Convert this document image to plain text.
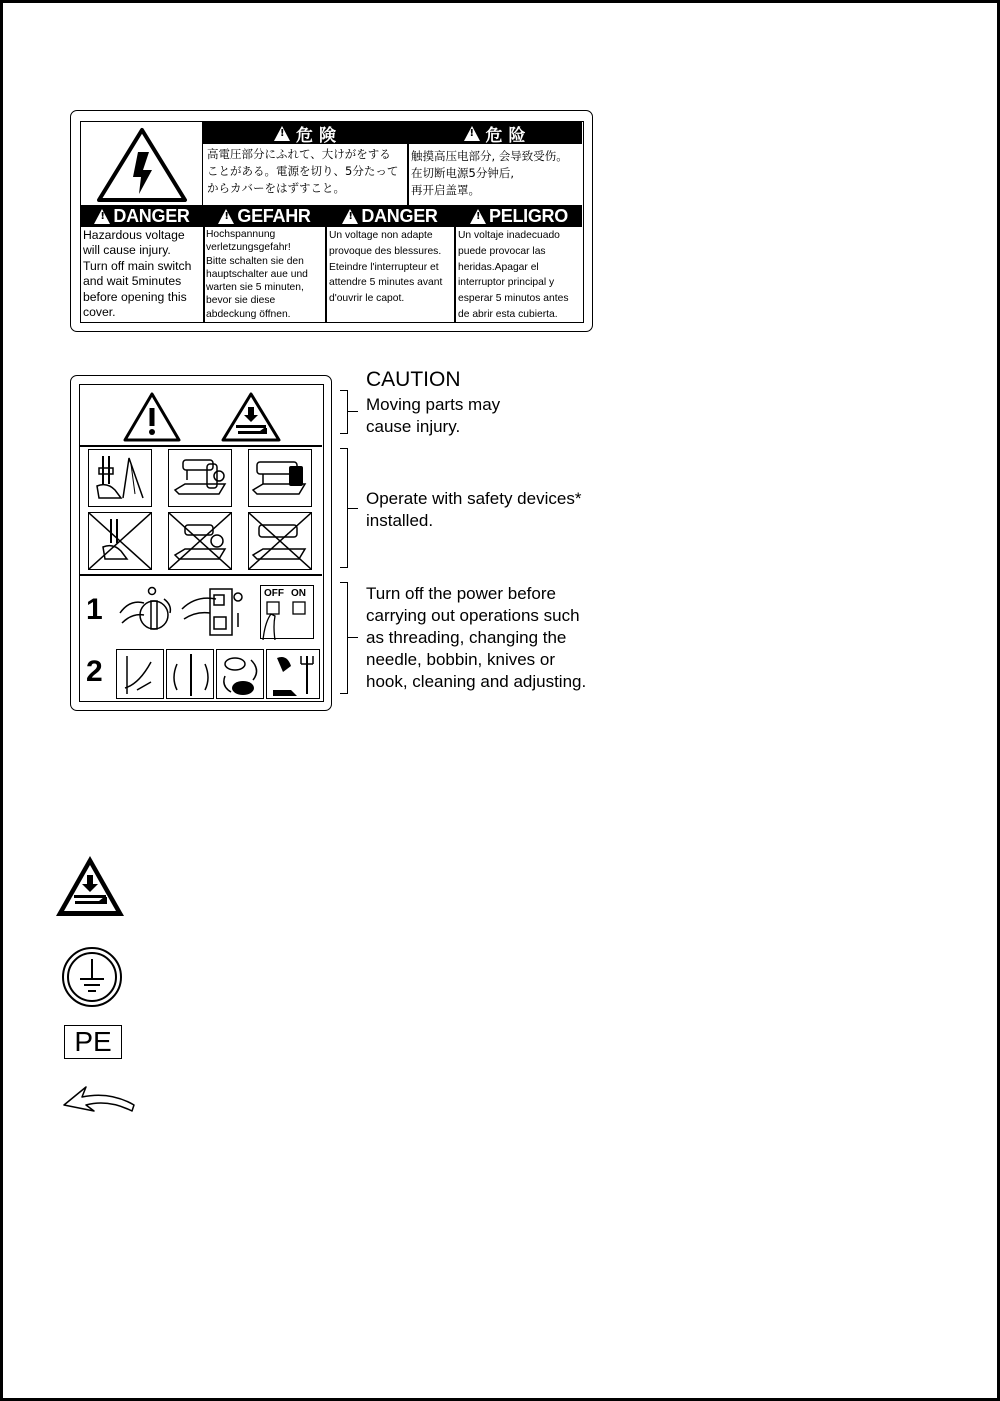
!
危 険 !	危 险
高電圧部分にふれて、大けがをする
ことがある。電源を切り、5分たって
からカバーをはずすこと。
触摸高压电部分, 会导致受伤。
在切断电源5分钟后,
再开启盖罩。
!
DANGER !	GEFAHR !	DANGER !	PELIGRO
Hazardous voltage
will cause injury.
Turn off main switch
and wait 5minutes
before opening this
cover.
Hochspannung
verletzungsgefahr!
Bitte schalten sie den
hauptschalter aue und
warten sie 5 minuten,
bevor sie diese
abdeckung öffnen.
Un voltage non adapte
provoque des blessures.
Eteindre l'interrupteur et
attendre 5 minutes avant
d'ouvrir le capot.
Un voltaje inadecuado
puede provocar las
heridas.Apagar el
interruptor principal y
esperar 5 minutos antes
de abrir esta cubierta.
1	OFF ON
2
CAUTION
Moving parts may
cause injury.
Operate with safety devices*
installed.
Turn off the power before
carrying out operations such
as threading, changing the
needle, bobbin, knives or
hook, cleaning and adjusting.
PE
